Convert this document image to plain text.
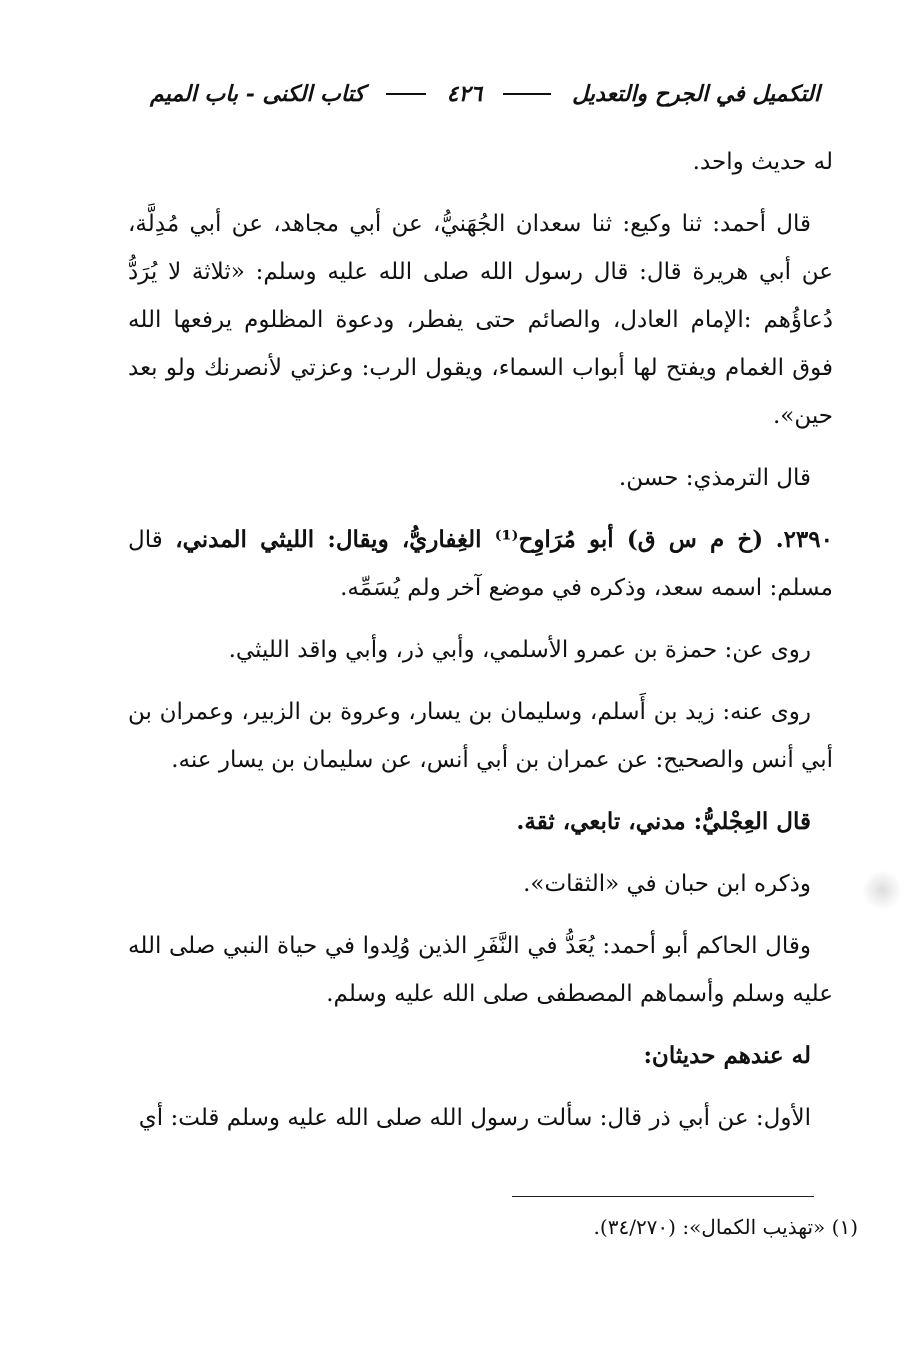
التكميل في الجرح والتعديل
٤٢٦
كتاب الكنى - باب الميم

له حديث واحد.

قال أحمد: ثنا وكيع: ثنا سعدان الجُهَنيُّ، عن أبي مجاهد، عن أبي مُدِلَّة، عن أبي هريرة قال: قال رسول الله صلى الله عليه وسلم: «ثلاثة لا يُرَدُّ دُعاؤُهم :الإمام العادل، والصائم حتى يفطر، ودعوة المظلوم يرفعها الله فوق الغمام ويفتح لها أبواب السماء، ويقول الرب: وعزتي لأنصرنك ولو بعد حين».

قال الترمذي: حسن.

٢٣٩٠. (خ م س ق) أبو مُرَاوِح⁽¹⁾ الغِفاريُّ، ويقال: الليثي المدني، قال مسلم: اسمه سعد، وذكره في موضع آخر ولم يُسَمِّه.

روى عن: حمزة بن عمرو الأسلمي، وأبي ذر، وأبي واقد الليثي.

روى عنه: زيد بن أَسلم، وسليمان بن يسار، وعروة بن الزبير، وعمران بن أبي أنس والصحيح: عن عمران بن أبي أنس، عن سليمان بن يسار عنه.

قال العِجْليُّ: مدني، تابعي، ثقة.

وذكره ابن حبان في «الثقات».

وقال الحاكم أبو أحمد: يُعَدُّ في النَّفَرِ الذين وُلِدوا في حياة النبي صلى الله عليه وسلم وأسماهم المصطفى صلى الله عليه وسلم.

له عندهم حديثان:

الأول: عن أبي ذر قال: سألت رسول الله صلى الله عليه وسلم قلت: أي

(١) «تهذيب الكمال»: (٣٤/٢٧٠).
